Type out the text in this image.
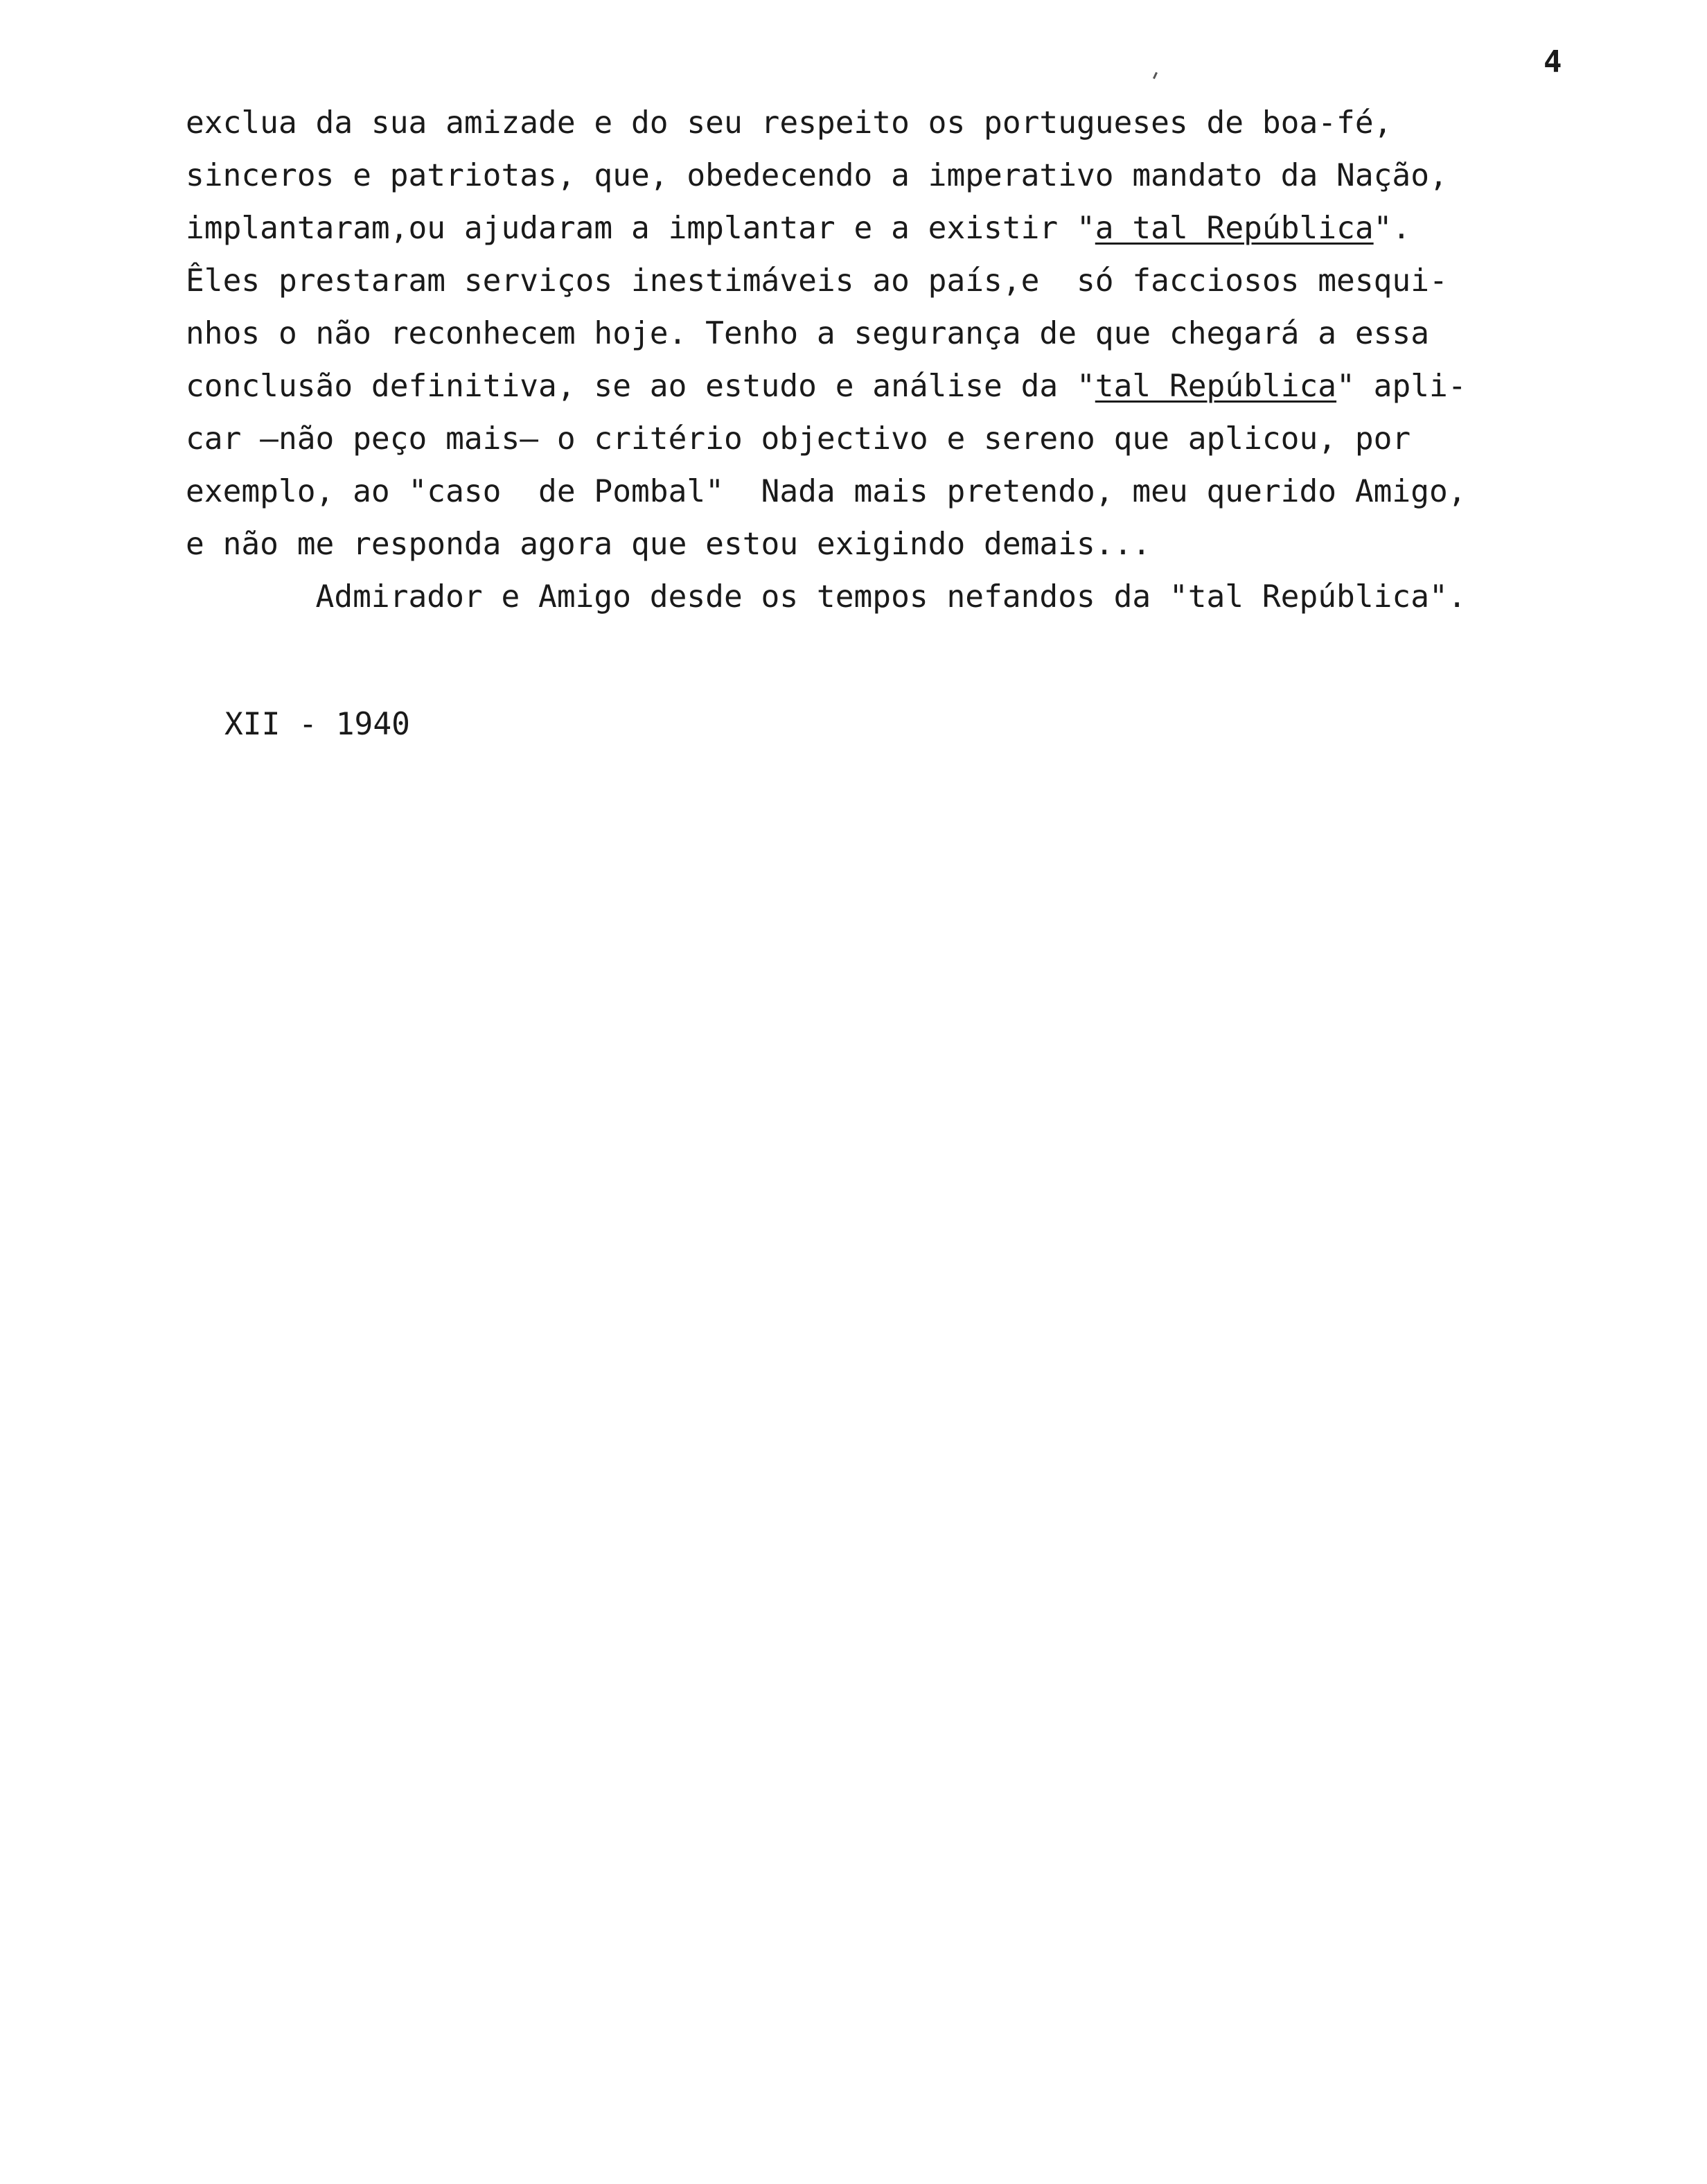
4
exclua da sua amizade e do seu respeito os portugueses de boa-fé,
sinceros e patriotas, que, obedecendo a imperativo mandato da Nação,
implantaram,ou ajudaram a implantar e a existir "a tal República".
Êles prestaram serviços inestimáveis ao país,e  só facciosos mesqui-
nhos o não reconhecem hoje. Tenho a segurança de que chegará a essa
conclusão definitiva, se ao estudo e análise da "tal República" apli-
car —não peço mais— o critério objectivo e sereno que aplicou, por
exemplo, ao "caso  de Pombal"  Nada mais pretendo, meu querido Amigo,
e não me responda agora que estou exigindo demais...
Admirador e Amigo desde os tempos nefandos da "tal República".
XII - 1940
